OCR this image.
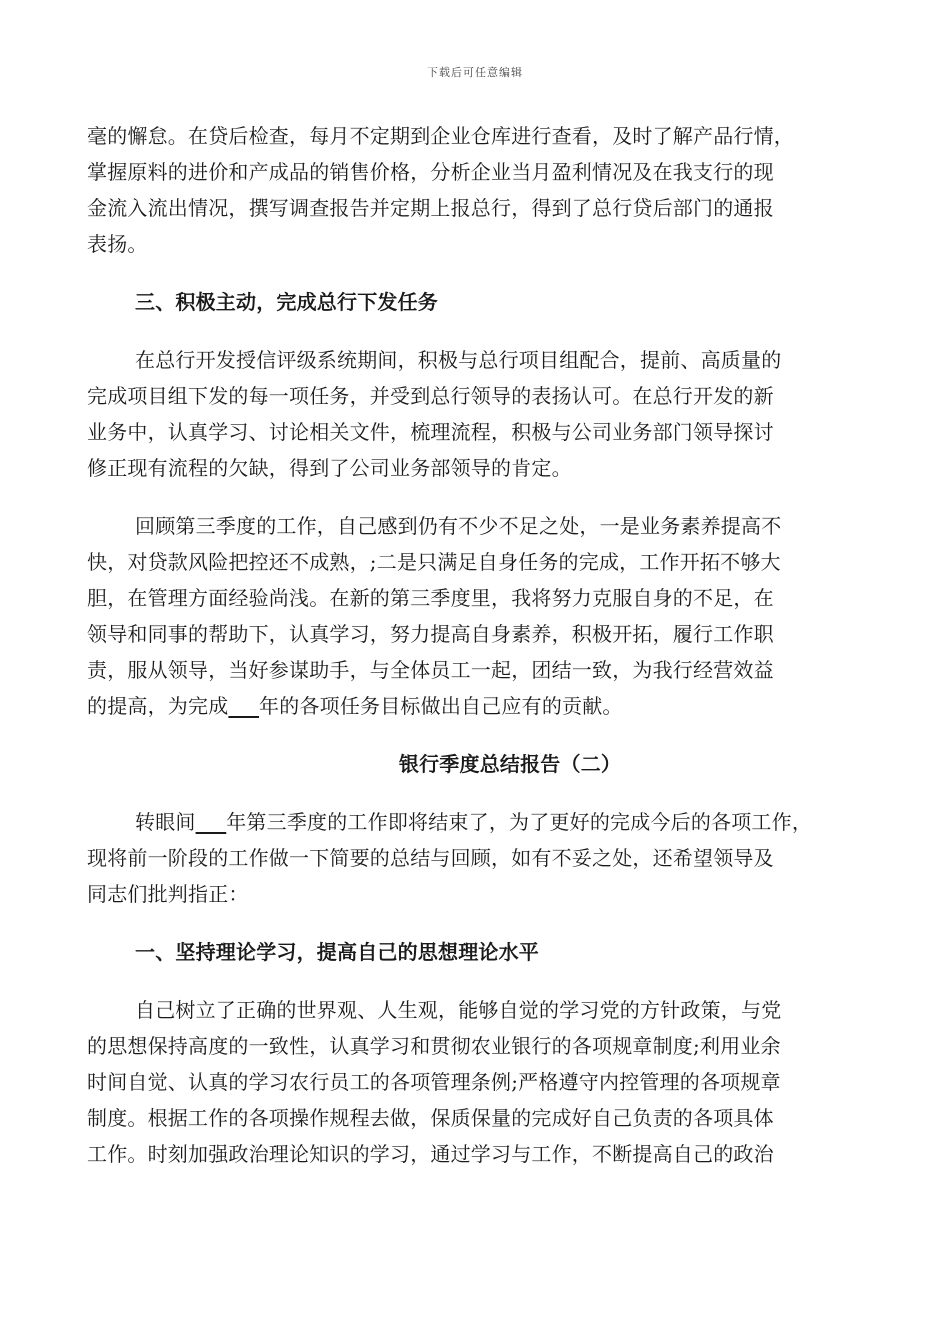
下载后可任意编辑
毫的懈怠。在贷后检查，每月不定期到企业仓库进行查看，及时了解产品行情，
掌握原料的进价和产成品的销售价格，分析企业当月盈利情况及在我支行的现
金流入流出情况，撰写调查报告并定期上报总行，得到了总行贷后部门的通报
表扬。
三、积极主动，完成总行下发任务
在总行开发授信评级系统期间，积极与总行项目组配合，提前、高质量的
完成项目组下发的每一项任务，并受到总行领导的表扬认可。在总行开发的新
业务中，认真学习、讨论相关文件，梳理流程，积极与公司业务部门领导探讨
修正现有流程的欠缺，得到了公司业务部领导的肯定。
回顾第三季度的工作，自己感到仍有不少不足之处，一是业务素养提高不
快，对贷款风险把控还不成熟，;二是只满足自身任务的完成，工作开拓不够大
胆，在管理方面经验尚浅。在新的第三季度里，我将努力克服自身的不足，在
领导和同事的帮助下，认真学习，努力提高自身素养，积极开拓，履行工作职
责，服从领导，当好参谋助手，与全体员工一起，团结一致，为我行经营效益
的提高，为完成___年的各项任务目标做出自己应有的贡献。
银行季度总结报告（二）
转眼间___年第三季度的工作即将结束了，为了更好的完成今后的各项工作，
现将前一阶段的工作做一下简要的总结与回顾，如有不妥之处，还希望领导及
同志们批判指正：
一、坚持理论学习，提高自己的思想理论水平
自己树立了正确的世界观、人生观，能够自觉的学习党的方针政策，与党
的思想保持高度的一致性，认真学习和贯彻农业银行的各项规章制度;利用业余
时间自觉、认真的学习农行员工的各项管理条例;严格遵守内控管理的各项规章
制度。根据工作的各项操作规程去做，保质保量的完成好自己负责的各项具体
工作。时刻加强政治理论知识的学习，通过学习与工作，不断提高自己的政治
